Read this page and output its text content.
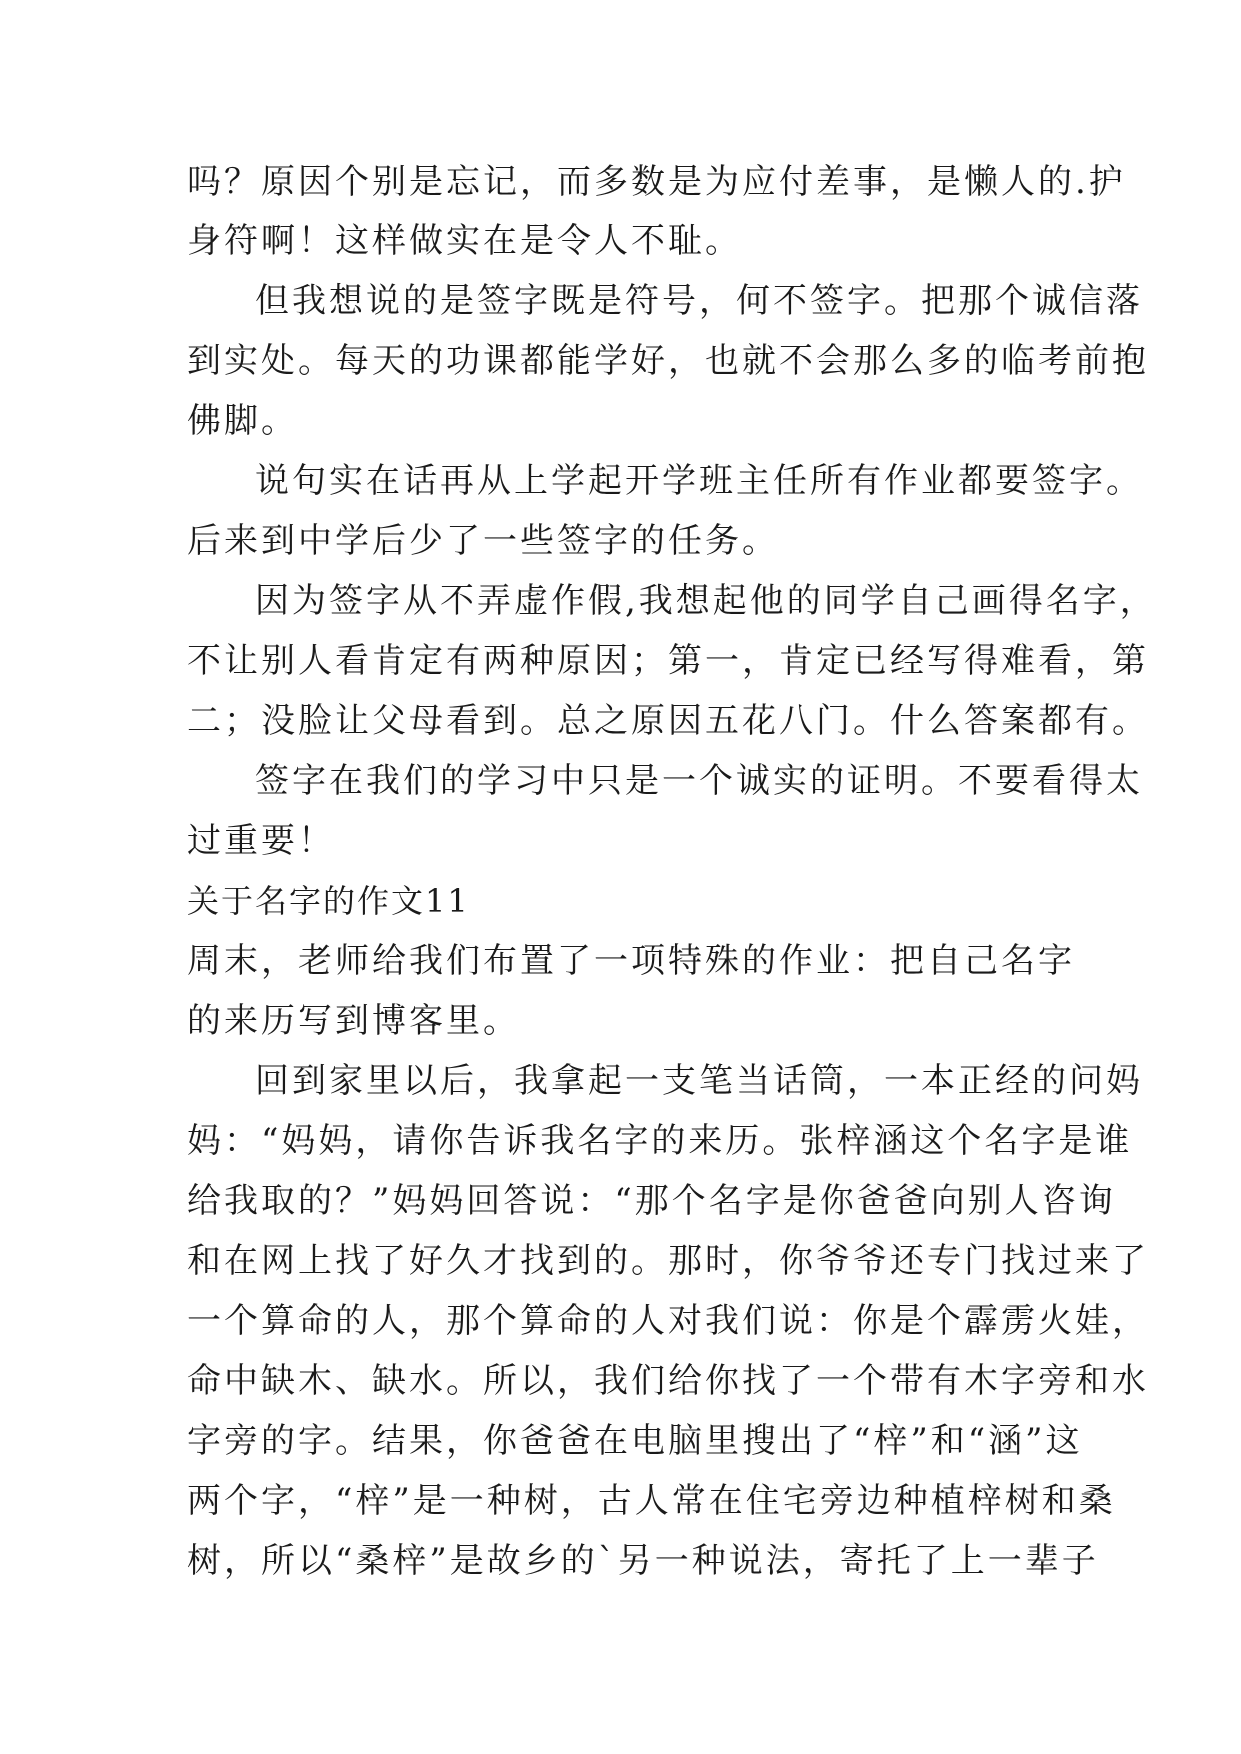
吗？原因个别是忘记，而多数是为应付差事，是懒人的.护
身符啊！这样做实在是令人不耻。
但我想说的是签字既是符号，何不签字。把那个诚信落
到实处。每天的功课都能学好，也就不会那么多的临考前抱
佛脚。
说句实在话再从上学起开学班主任所有作业都要签字。
后来到中学后少了一些签字的任务。
因为签字从不弄虚作假,我想起他的同学自己画得名字，
不让别人看肯定有两种原因；第一，肯定已经写得难看，第
二；没脸让父母看到。总之原因五花八门。什么答案都有。
签字在我们的学习中只是一个诚实的证明。不要看得太
过重要！
关于名字的作文11
周末，老师给我们布置了一项特殊的作业：把自己名字
的来历写到博客里。
回到家里以后，我拿起一支笔当话筒，一本正经的问妈
妈：“妈妈，请你告诉我名字的来历。张梓涵这个名字是谁
给我取的？”妈妈回答说：“那个名字是你爸爸向别人咨询
和在网上找了好久才找到的。那时，你爷爷还专门找过来了
一个算命的人，那个算命的人对我们说：你是个霹雳火娃，
命中缺木、缺水。所以，我们给你找了一个带有木字旁和水
字旁的字。结果，你爸爸在电脑里搜出了“梓”和“涵”这
两个字，“梓”是一种树，古人常在住宅旁边种植梓树和桑
树，所以“桑梓”是故乡的`另一种说法，寄托了上一辈子
